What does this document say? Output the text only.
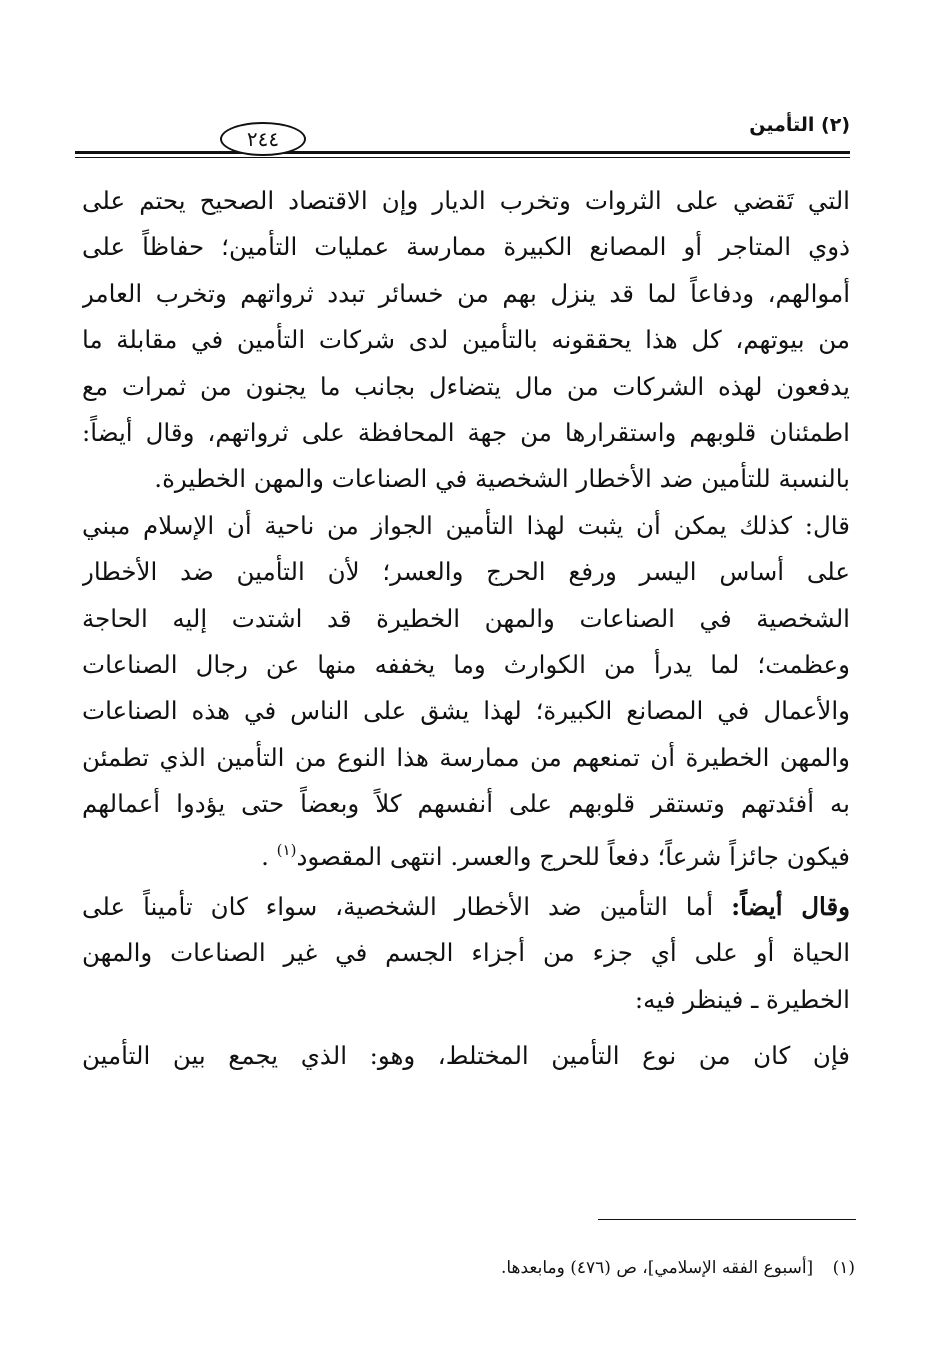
(٢) التأمين
٢٤٤
التي تَقضي على الثروات وتخرب الديار وإن الاقتصاد الصحيح يحتم على
ذوي المتاجر أو المصانع الكبيرة ممارسة عمليات التأمين؛ حفاظاً على
أموالهم، ودفاعاً لما قد ينزل بهم من خسائر تبدد ثرواتهم وتخرب العامر
من بيوتهم، كل هذا يحققونه بالتأمين لدى شركات التأمين في مقابلة ما
يدفعون لهذه الشركات من مال يتضاءل بجانب ما يجنون من ثمرات مع
اطمئنان قلوبهم واستقرارها من جهة المحافظة على ثرواتهم، وقال أيضاً:
بالنسبة للتأمين ضد الأخطار الشخصية في الصناعات والمهن الخطيرة.
قال: كذلك يمكن أن يثبت لهذا التأمين الجواز من ناحية أن الإسلام مبني
على أساس اليسر ورفع الحرج والعسر؛ لأن التأمين ضد الأخطار
الشخصية في الصناعات والمهن الخطيرة قد اشتدت إليه الحاجة
وعظمت؛ لما يدرأ من الكوارث وما يخففه منها عن رجال الصناعات
والأعمال في المصانع الكبيرة؛ لهذا يشق على الناس في هذه الصناعات
والمهن الخطيرة أن تمنعهم من ممارسة هذا النوع من التأمين الذي تطمئن
به أفئدتهم وتستقر قلوبهم على أنفسهم كلاً وبعضاً حتى يؤدوا أعمالهم
فيكون جائزاً شرعاً؛ دفعاً للحرج والعسر. انتهى المقصود$^{(١)}$ .
وقال أيضاً: أما التأمين ضد الأخطار الشخصية، سواء كان تأميناً على
الحياة أو على أي جزء من أجزاء الجسم في غير الصناعات والمهن
الخطيرة ـ فينظر فيه:
فإن كان من نوع التأمين المختلط، وهو: الذي يجمع بين التأمين
(١) [أسبوع الفقه الإسلامي]، ص (٤٧٦) ومابعدها.
